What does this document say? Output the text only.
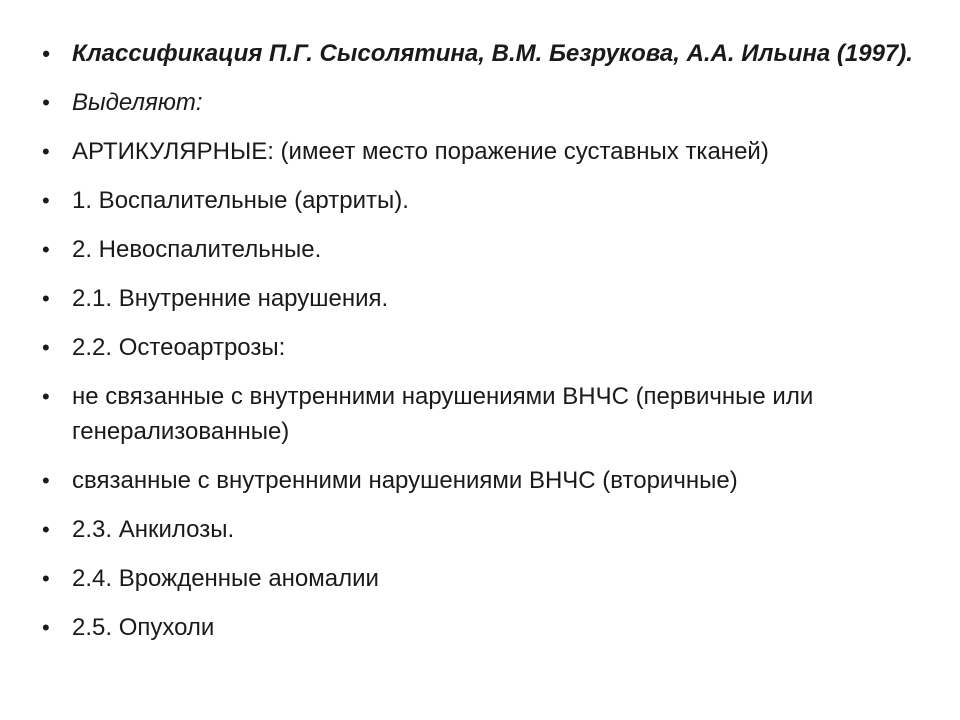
• Классификация П.Г. Сысолятина, В.М. Безрукова, А.А. Ильина (1997).
• Выделяют:
• АРТИКУЛЯРНЫЕ: (имеет место поражение суставных тканей)
• 1. Воспалительные (артриты).
• 2. Невоспалительные.
• 2.1. Внутренние нарушения.
• 2.2. Остеоартрозы:
• не связанные с внутренними нарушениями ВНЧС (первичные или генерализованные)
• связанные с внутренними нарушениями ВНЧС (вторичные)
• 2.3. Анкилозы.
• 2.4. Врожденные аномалии
• 2.5. Опухоли
